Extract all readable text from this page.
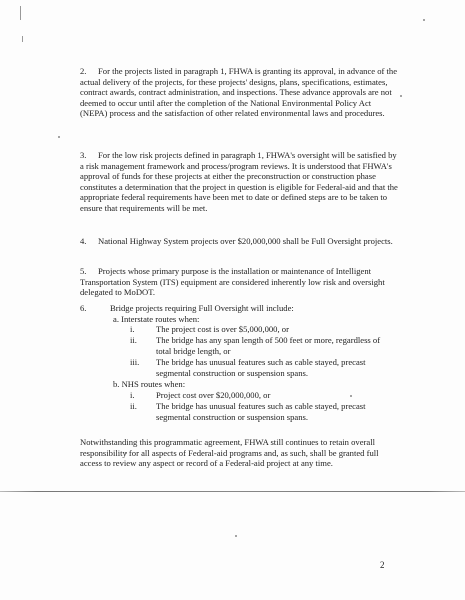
2. For the projects listed in paragraph 1, FHWA is granting its approval, in advance of the actual delivery of the projects, for these projects' designs, plans, specifications, estimates, contract awards, contract administration, and inspections. These advance approvals are not deemed to occur until after the completion of the National Environmental Policy Act (NEPA) process and the satisfaction of other related environmental laws and procedures.

3. For the low risk projects defined in paragraph 1, FHWA's oversight will be satisfied by a risk management framework and process/program reviews. It is understood that FHWA's approval of funds for these projects at either the preconstruction or construction phase constitutes a determination that the project in question is eligible for Federal-aid and that the appropriate federal requirements have been met to date or defined steps are to be taken to ensure that requirements will be met.

4. National Highway System projects over $20,000,000 shall be Full Oversight projects.

5. Projects whose primary purpose is the installation or maintenance of Intelligent Transportation System (ITS) equipment are considered inherently low risk and oversight delegated to MoDOT.

6.	Bridge projects requiring Full Oversight will include:
a. Interstate routes when:
i. The project cost is over $5,000,000, or
ii. The bridge has any span length of 500 feet or more, regardless of total bridge length, or
iii. The bridge has unusual features such as cable stayed, precast segmental construction or suspension spans.
b. NHS routes when:
i. Project cost over $20,000,000, or
ii. The bridge has unusual features such as cable stayed, precast segmental construction or suspension spans.

Notwithstanding this programmatic agreement, FHWA still continues to retain overall responsibility for all aspects of Federal-aid programs and, as such, shall be granted full access to review any aspect or record of a Federal-aid project at any time.

2
